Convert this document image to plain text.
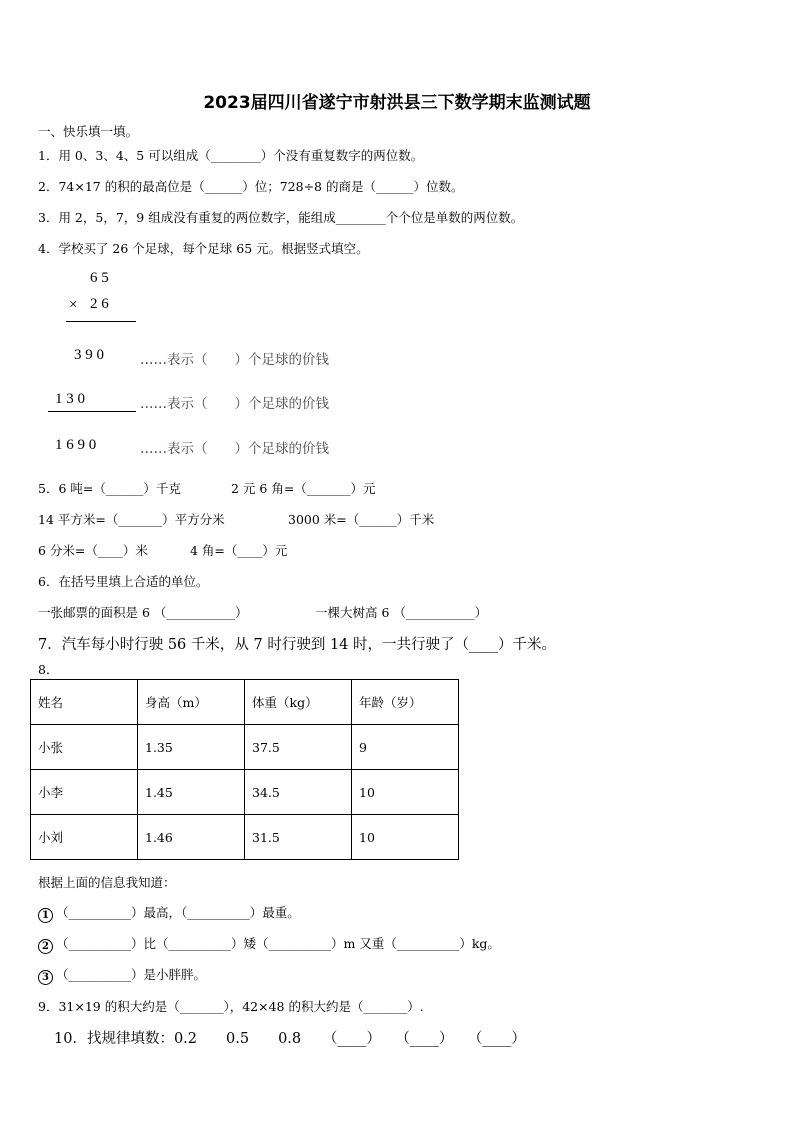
2023届四川省遂宁市射洪县三下数学期末监测试题
一、快乐填一填。
1．用 0、3、4、5 可以组成（________）个没有重复数字的两位数。
2．74×17 的积的最高位是（______）位；728÷8 的商是（______）位数。
3．用 2，5，7，9 组成没有重复的两位数字，能组成________个个位是单数的两位数。
4．学校买了 26 个足球，每个足球 65 元。根据竖式填空。
6 5
× 2 6
3 9 0	……表示（　　）个足球的价钱
1 3 0	……表示（　　）个足球的价钱
1 6 9 0	……表示（　　）个足球的价钱
5．6 吨=（______）千克	2 元 6 角=（_______）元
14 平方米=（_______）平方分米	3000 米=（______）千米
6 分米=（____）米	4 角=（____）元
6．在括号里填上合适的单位。
一张邮票的面积是 6 （___________）	一棵大树高 6 （___________）
7．汽车每小时行驶 56 千米，从 7 时行驶到 14 时，一共行驶了（____）千米。
8．
姓名	身高（m）	体重（kg）	年龄（岁）
小张	1.35	37.5	9
小李	1.45	34.5	10
小刘	1.46	31.5	10
根据上面的信息我知道：
1 （__________）最高，（__________）最重。
2 （__________）比（__________）矮（__________）m 又重（__________）kg。
3 （__________）是小胖胖。
9．31×19 的积大约是（_______），42×48 的积大约是（_______）.
10．找规律填数：0.2　　0.5　　0.8　　（____）　　（____）　　（____）
